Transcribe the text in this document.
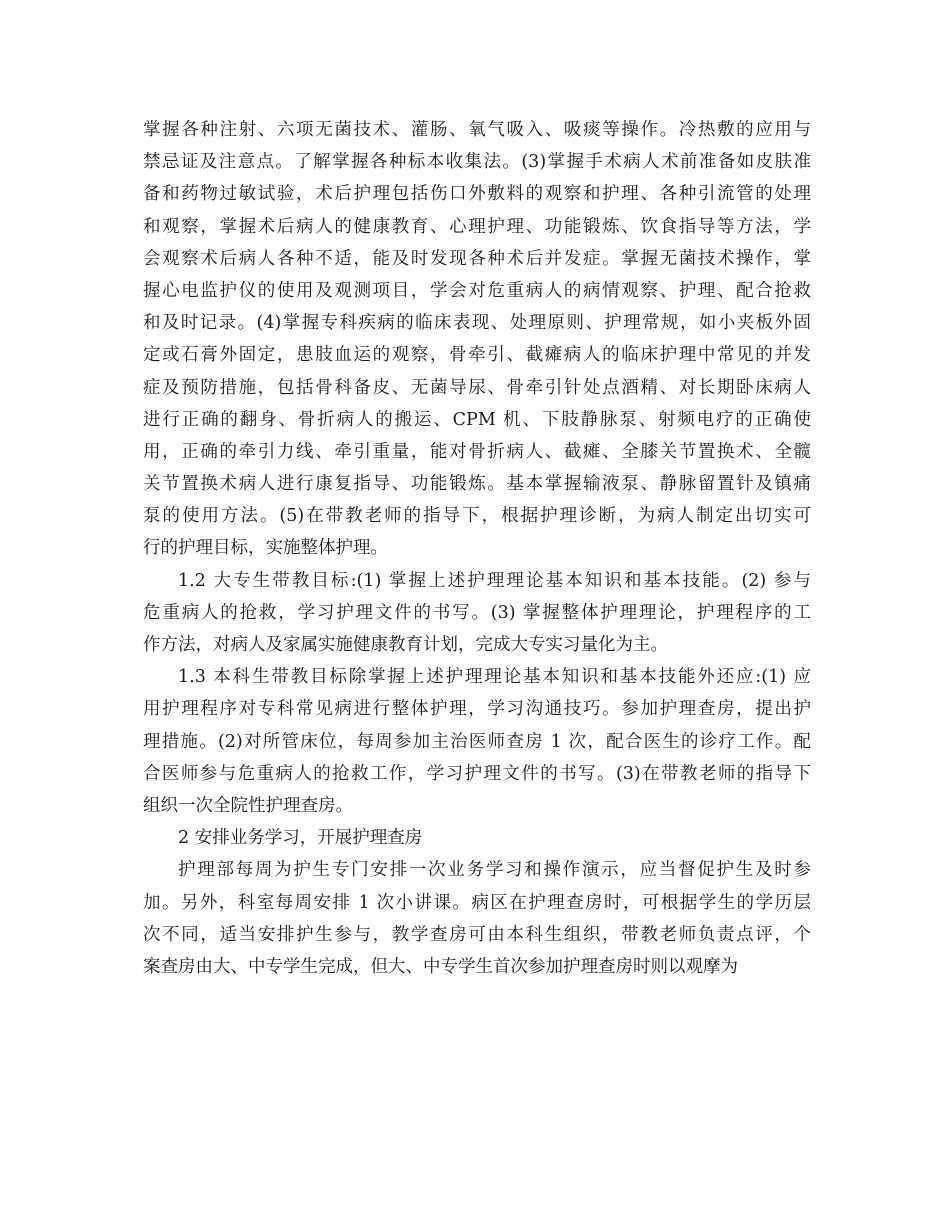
掌握各种注射、六项无菌技术、灌肠、氧气吸入、吸痰等操作。冷热敷的应用与
禁忌证及注意点。了解掌握各种标本收集法。(3)掌握手术病人术前准备如皮肤准
备和药物过敏试验，术后护理包括伤口外敷料的观察和护理、各种引流管的处理
和观察，掌握术后病人的健康教育、心理护理、功能锻炼、饮食指导等方法，学
会观察术后病人各种不适，能及时发现各种术后并发症。掌握无菌技术操作，掌
握心电监护仪的使用及观测项目，学会对危重病人的病情观察、护理、配合抢救
和及时记录。(4)掌握专科疾病的临床表现、处理原则、护理常规，如小夹板外固
定或石膏外固定，患肢血运的观察，骨牵引、截瘫病人的临床护理中常见的并发
症及预防措施，包括骨科备皮、无菌导尿、骨牵引针处点酒精、对长期卧床病人
进行正确的翻身、骨折病人的搬运、CPM 机、下肢静脉泵、射频电疗的正确使
用，正确的牵引力线、牵引重量，能对骨折病人、截瘫、全膝关节置换术、全髋
关节置换术病人进行康复指导、功能锻炼。基本掌握输液泵、静脉留置针及镇痛
泵的使用方法。(5)在带教老师的指导下，根据护理诊断，为病人制定出切实可
行的护理目标，实施整体护理。
1.2 大专生带教目标:(1) 掌握上述护理理论基本知识和基本技能。(2) 参与
危重病人的抢救，学习护理文件的书写。(3) 掌握整体护理理论，护理程序的工
作方法，对病人及家属实施健康教育计划，完成大专实习量化为主。
1.3 本科生带教目标除掌握上述护理理论基本知识和基本技能外还应:(1) 应
用护理程序对专科常见病进行整体护理，学习沟通技巧。参加护理查房，提出护
理措施。(2)对所管床位，每周参加主治医师查房 1 次，配合医生的诊疗工作。配
合医师参与危重病人的抢救工作，学习护理文件的书写。(3)在带教老师的指导下
组织一次全院性护理查房。
2 安排业务学习，开展护理查房
护理部每周为护生专门安排一次业务学习和操作演示，应当督促护生及时参
加。另外，科室每周安排 1 次小讲课。病区在护理查房时，可根据学生的学历层
次不同，适当安排护生参与，教学查房可由本科生组织，带教老师负责点评，个
案查房由大、中专学生完成，但大、中专学生首次参加护理查房时则以观摩为
